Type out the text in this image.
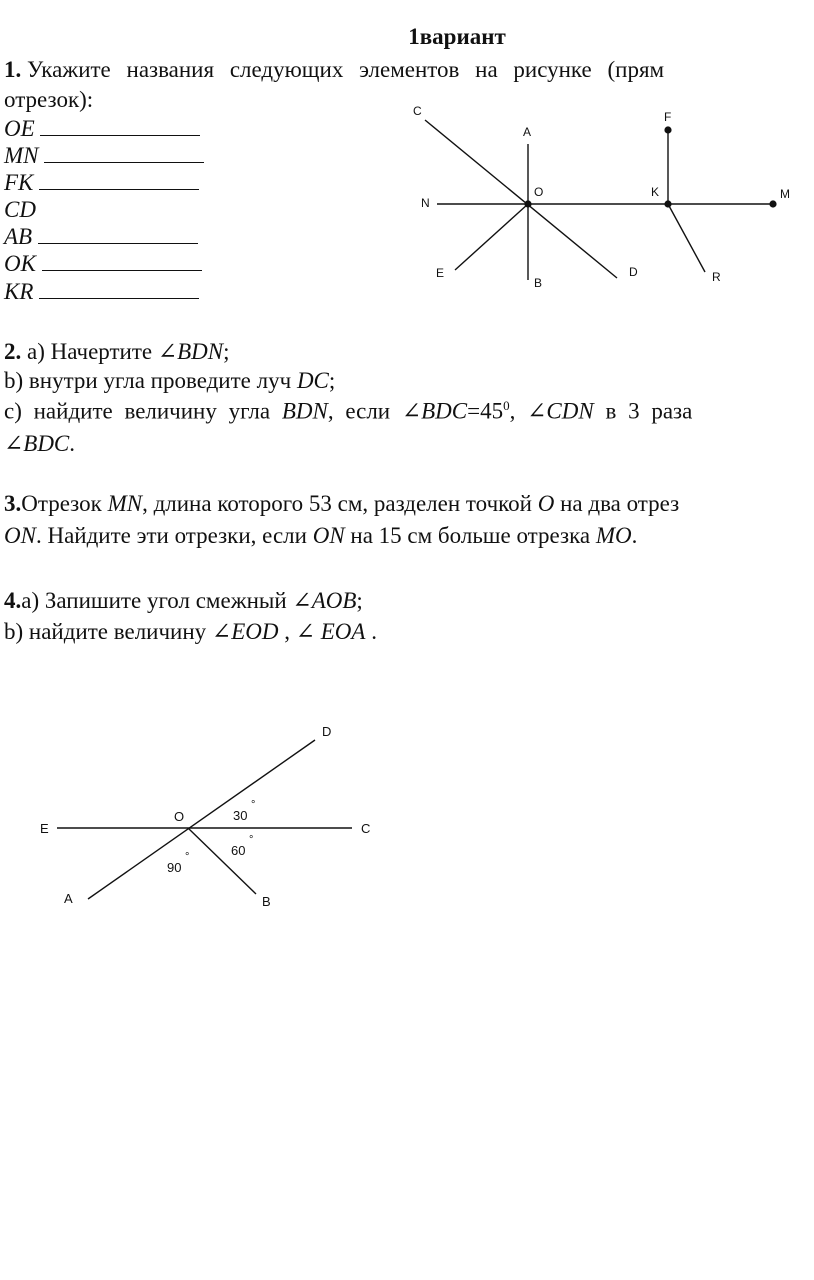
1вариант
1. Укажите названия следующих элементов на рисунке (прям
отрезок):
OE
MN
FK
CD
AB
OK
KR
C
A
F
N
O	K	M
E
B
D	R
2. а) Начертите ∠BDN;
b) внутри угла проведите луч DC;
с) найдите величину угла BDN, если $\angle BDC=45^0$, ∠CDN в 3 раза
∠BDC.
3.Отрезок MN, длина которого 53 см, разделен точкой O на два отрез
ON. Найдите эти отрезки, если ON на 15 см больше отрезка MO.
4.а) Запишите угол смежный ∠AOB;
b) найдите величину ∠EOD , ∠ EOA .
D
E
O
C
A	B
30
°
60
°
90
°
